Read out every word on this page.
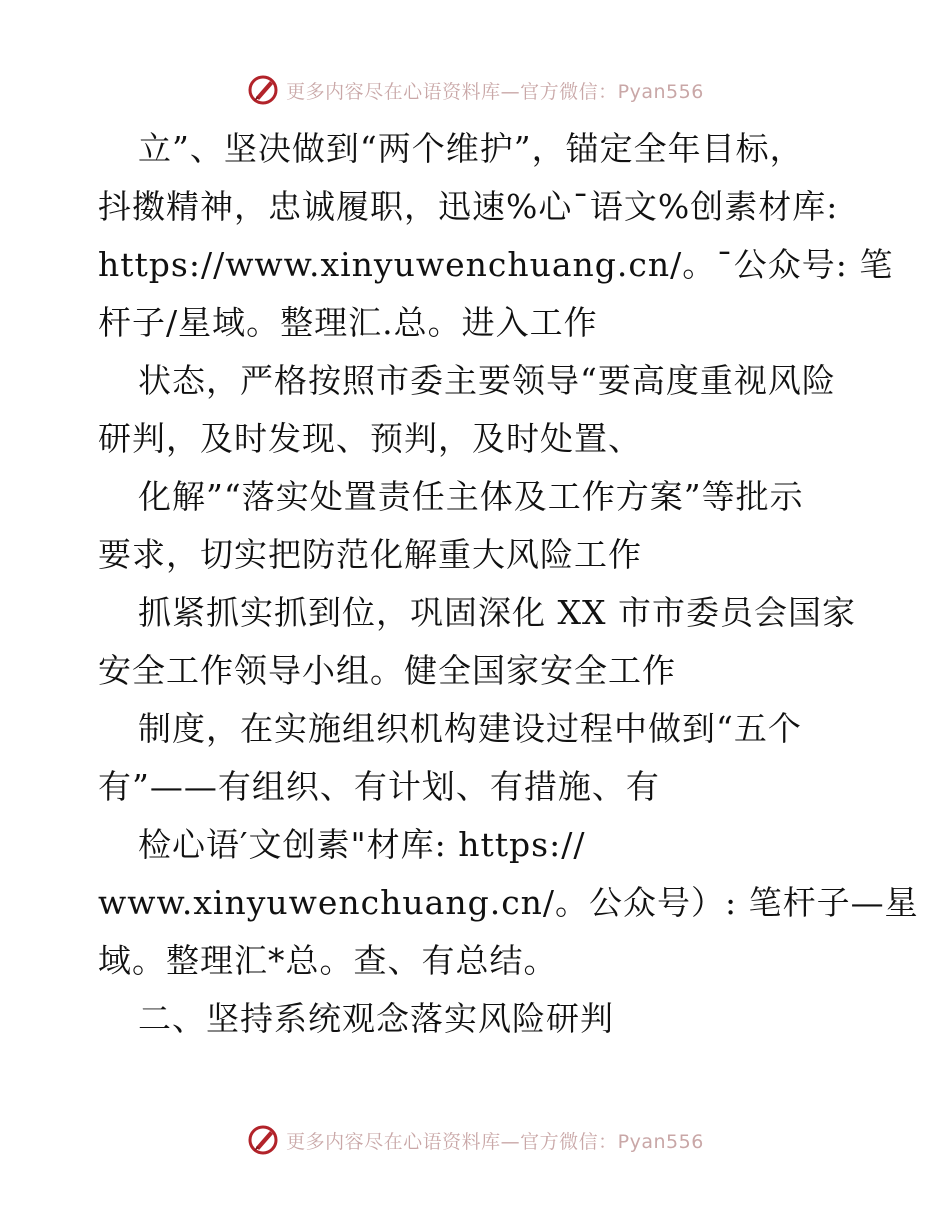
更多内容尽在心语资料库—官方微信：Pyan556
立”、坚决做到“两个维护”，锚定全年目标，
抖擞精神，忠诚履职，迅速%心¯语文%创素材库:
https://www.xinyuwenchuang.cn/。¯公众号: 笔
杆子/星域。整理汇.总。进入工作
状态，严格按照市委主要领导“要高度重视风险
研判，及时发现、预判，及时处置、
化解”“落实处置责任主体及工作方案”等批示
要求，切实把防范化解重大风险工作
抓紧抓实抓到位，巩固深化 XX 市市委员会国家
安全工作领导小组。健全国家安全工作
制度，在实施组织机构建设过程中做到“五个
有”——有组织、有计划、有措施、有
检心语′文创素"材库: https://
www.xinyuwenchuang.cn/。公众号）: 笔杆子—星
域。整理汇*总。查、有总结。
二、坚持系统观念落实风险研判
更多内容尽在心语资料库—官方微信：Pyan556
